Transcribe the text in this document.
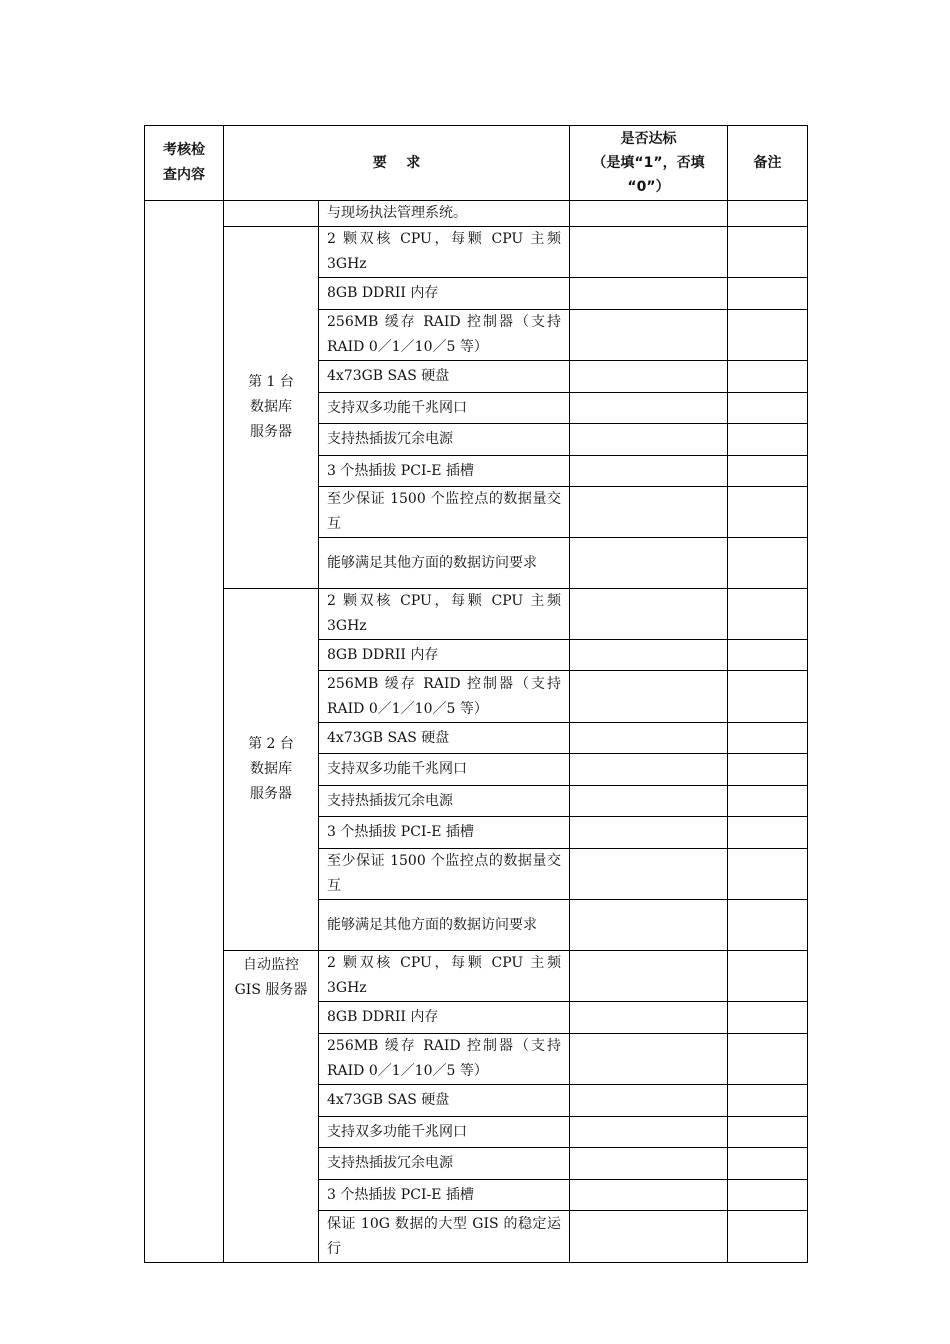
考核检
查内容	要    求		是否达标
（是填“1”，否填
“0”）	备注
		与现场执法管理系统。		

	第 1 台
数据库
服务器	2 颗双核 CPU，每颗 CPU 主频 3GHz		
		8GB DDRII 内存		
		256MB 缓存 RAID 控制器（支持 RAID 0／1／10／5 等）		
		4x73GB SAS 硬盘		
		支持双多功能千兆网口		
		支持热插拔冗余电源		
		3 个热插拔 PCI-E 插槽		
		至少保证 1500 个监控点的数据量交互		
		能够满足其他方面的数据访问要求		

	第 2 台
数据库
服务器	2 颗双核 CPU，每颗 CPU 主频 3GHz		
		8GB DDRII 内存		
		256MB 缓存 RAID 控制器（支持 RAID 0／1／10／5 等）		
		4x73GB SAS 硬盘		
		支持双多功能千兆网口		
		支持热插拔冗余电源		
		3 个热插拔 PCI-E 插槽		
		至少保证 1500 个监控点的数据量交互		
		能够满足其他方面的数据访问要求		

	自动监控
GIS 服务器	2 颗双核 CPU，每颗 CPU 主频 3GHz		
		8GB DDRII 内存		
		256MB 缓存 RAID 控制器（支持 RAID 0／1／10／5 等）		
		4x73GB SAS 硬盘		
		支持双多功能千兆网口		
		支持热插拔冗余电源		
		3 个热插拔 PCI-E 插槽		
		保证 10G 数据的大型 GIS 的稳定运行		
